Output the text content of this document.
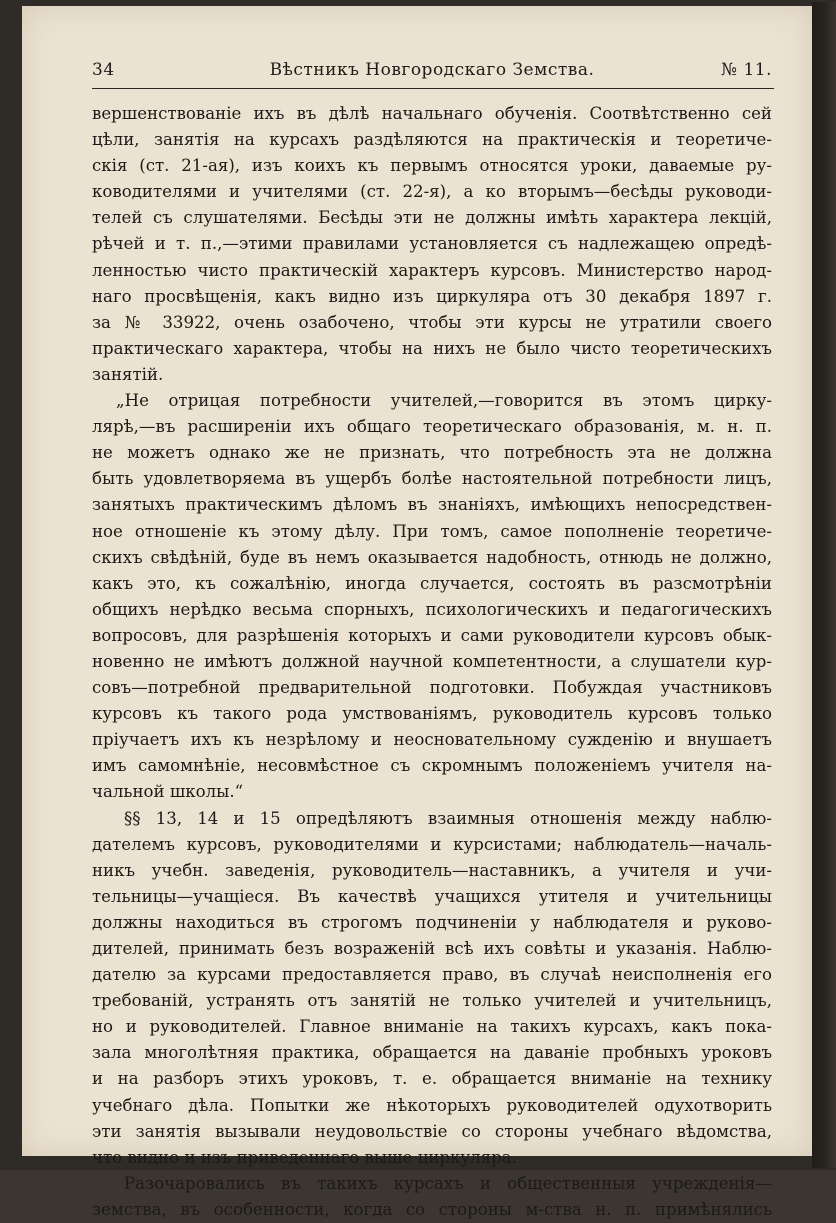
34	Вѣстникъ Новгородскаго Земства.	№ 11.
вершенствованіе ихъ въ дѣлѣ начальнаго обученія. Соотвѣтственно сей
цѣли, занятія на курсахъ раздѣляются на практическія и теоретиче-
скія (ст. 21-ая), изъ коихъ къ первымъ относятся уроки, даваемые ру-
ководителями и учителями (ст. 22-я), а ко вторымъ—бесѣды руководи-
телей съ слушателями. Бесѣды эти не должны имѣть характера лекцій,
рѣчей и т. п.,—этими правилами установляется съ надлежащею опредѣ-
ленностью чисто практическій характеръ курсовъ. Министерство народ-
наго просвѣщенія, какъ видно изъ циркуляра отъ 30 декабря 1897 г.
за № 33922, очень озабочено, чтобы эти курсы не утратили своего
практическаго характера, чтобы на нихъ не было чисто теоретическихъ
занятій.
„Не отрицая потребности учителей,—говорится въ этомъ цирку-
лярѣ,—въ расширеніи ихъ общаго теоретическаго образованія, м. н. п.
не можетъ однако же не признать, что потребность эта не должна
быть удовлетворяема въ ущербъ болѣе настоятельной потребности лицъ,
занятыхъ практическимъ дѣломъ въ знаніяхъ, имѣющихъ непосредствен-
ное отношеніе къ этому дѣлу. При томъ, самое пополненіе теоретиче-
скихъ свѣдѣній, буде въ немъ оказывается надобность, отнюдь не должно,
какъ это, къ сожалѣнію, иногда случается, состоять въ разсмотрѣніи
общихъ нерѣдко весьма спорныхъ, психологическихъ и педагогическихъ
вопросовъ, для разрѣшенія которыхъ и сами руководители курсовъ обык-
новенно не имѣютъ должной научной компетентности, а слушатели кур-
совъ—потребной предварительной подготовки. Побуждая участниковъ
курсовъ къ такого рода умствованіямъ, руководитель курсовъ только
пріучаетъ ихъ къ незрѣлому и неосновательному сужденію и внушаетъ
имъ самомнѣніе, несовмѣстное съ скромнымъ положеніемъ учителя на-
чальной школы.“
§§ 13, 14 и 15 опредѣляютъ взаимныя отношенія между наблю-
дателемъ курсовъ, руководителями и курсистами; наблюдатель—началь-
никъ учебн. заведенія, руководитель—наставникъ, а учителя и учи-
тельницы—учащіеся. Въ качествѣ учащихся утителя и учительницы
должны находиться въ строгомъ подчиненіи у наблюдателя и руково-
дителей, принимать безъ возраженій всѣ ихъ совѣты и указанія. Наблю-
дателю за курсами предоставляется право, въ случаѣ неисполненія его
требованій, устранять отъ занятій не только учителей и учительницъ,
но и руководителей. Главное вниманіе на такихъ курсахъ, какъ пока-
зала многолѣтняя практика, обращается на даваніе пробныхъ уроковъ
и на разборъ этихъ уроковъ, т. е. обращается вниманіе на технику
учебнаго дѣла. Попытки же нѣкоторыхъ руководителей одухотворить
эти занятія вызывали неудовольствіе со стороны учебнаго вѣдомства,
что видно и изъ приведеннаго выше циркуляра.
Разочаровались въ такихъ курсахъ и общественныя учрежденія—
земства, въ особенности, когда со стороны м-ства н. п. примѣнялись
